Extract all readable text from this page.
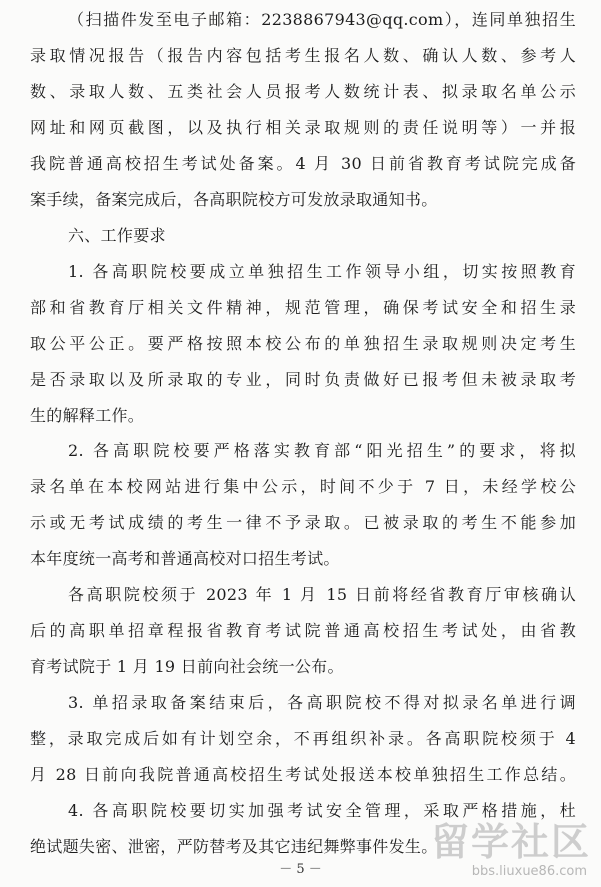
（扫描件发至电子邮箱：2238867943@qq.com），连同单独招生
录取情况报告（报告内容包括考生报名人数、确认人数、参考人
数、录取人数、五类社会人员报考人数统计表、拟录取名单公示
网址和网页截图，以及执行相关录取规则的责任说明等）一并报
我院普通高校招生考试处备案。4 月 30 日前省教育考试院完成备
案手续，备案完成后，各高职院校方可发放录取通知书。
六、工作要求
1. 各高职院校要成立单独招生工作领导小组，切实按照教育
部和省教育厅相关文件精神，规范管理，确保考试安全和招生录
取公平公正。要严格按照本校公布的单独招生录取规则决定考生
是否录取以及所录取的专业，同时负责做好已报考但未被录取考
生的解释工作。
2. 各高职院校要严格落实教育部“阳光招生”的要求，将拟
录名单在本校网站进行集中公示，时间不少于 7 日，未经学校公
示或无考试成绩的考生一律不予录取。已被录取的考生不能参加
本年度统一高考和普通高校对口招生考试。
各高职院校须于 2023 年 1 月 15 日前将经省教育厅审核确认
后的高职单招章程报省教育考试院普通高校招生考试处，由省教
育考试院于 1 月 19 日前向社会统一公布。
3. 单招录取备案结束后，各高职院校不得对拟录名单进行调
整，录取完成后如有计划空余，不再组织补录。各高职院校须于 4
月 28 日前向我院普通高校招生考试处报送本校单独招生工作总结。
4. 各高职院校要切实加强考试安全管理，采取严格措施，杜
绝试题失密、泄密，严防替考及其它违纪舞弊事件发生。
－ 5 －
留学社区
bbs.liuxue86.com
